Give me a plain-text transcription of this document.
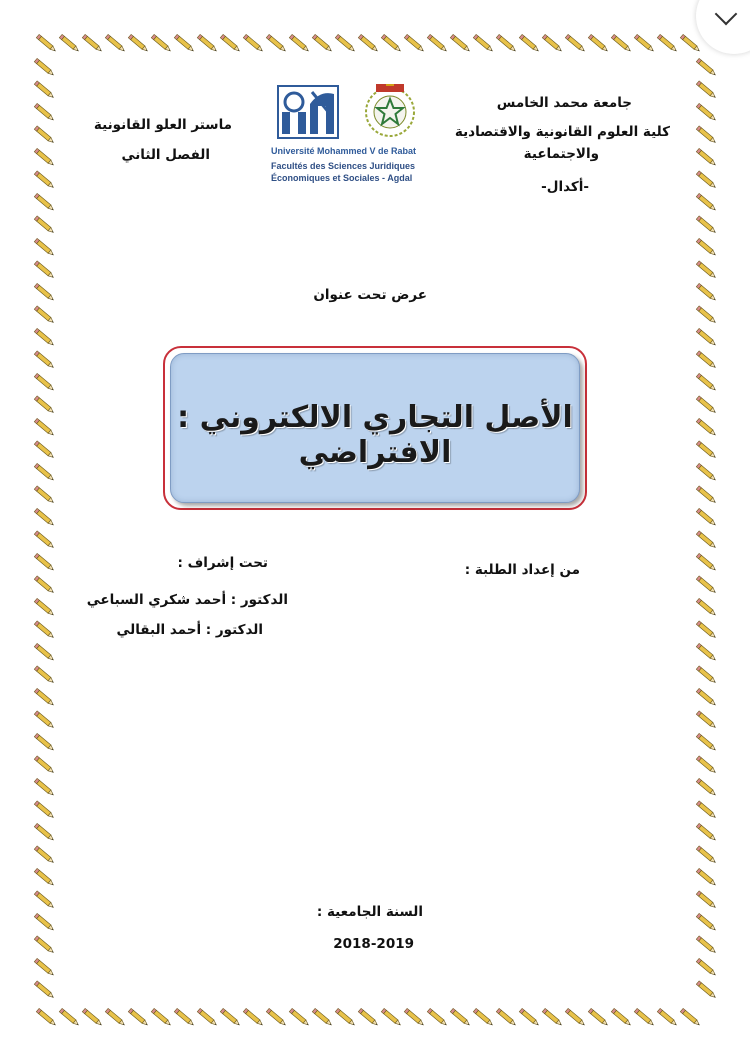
جامعة محمد الخامس
كلية العلوم القانونية والاقتصادية
والاجتماعية
-أكدال-
ماستر العلو القانونية
الفصل الثاني	Université Mohammed V de Rabat
Facultés des Sciences Juridiques
Économiques et Sociales - Agdal
عرض تحت عنوان
الأصل التجاري الالكتروني : الافتراضي
من إعداد الطلبة :
تحت إشراف :
الدكتور : أحمد شكري السباعي
الدكتور : أحمد البقالي
السنة الجامعية :
2018-2019
